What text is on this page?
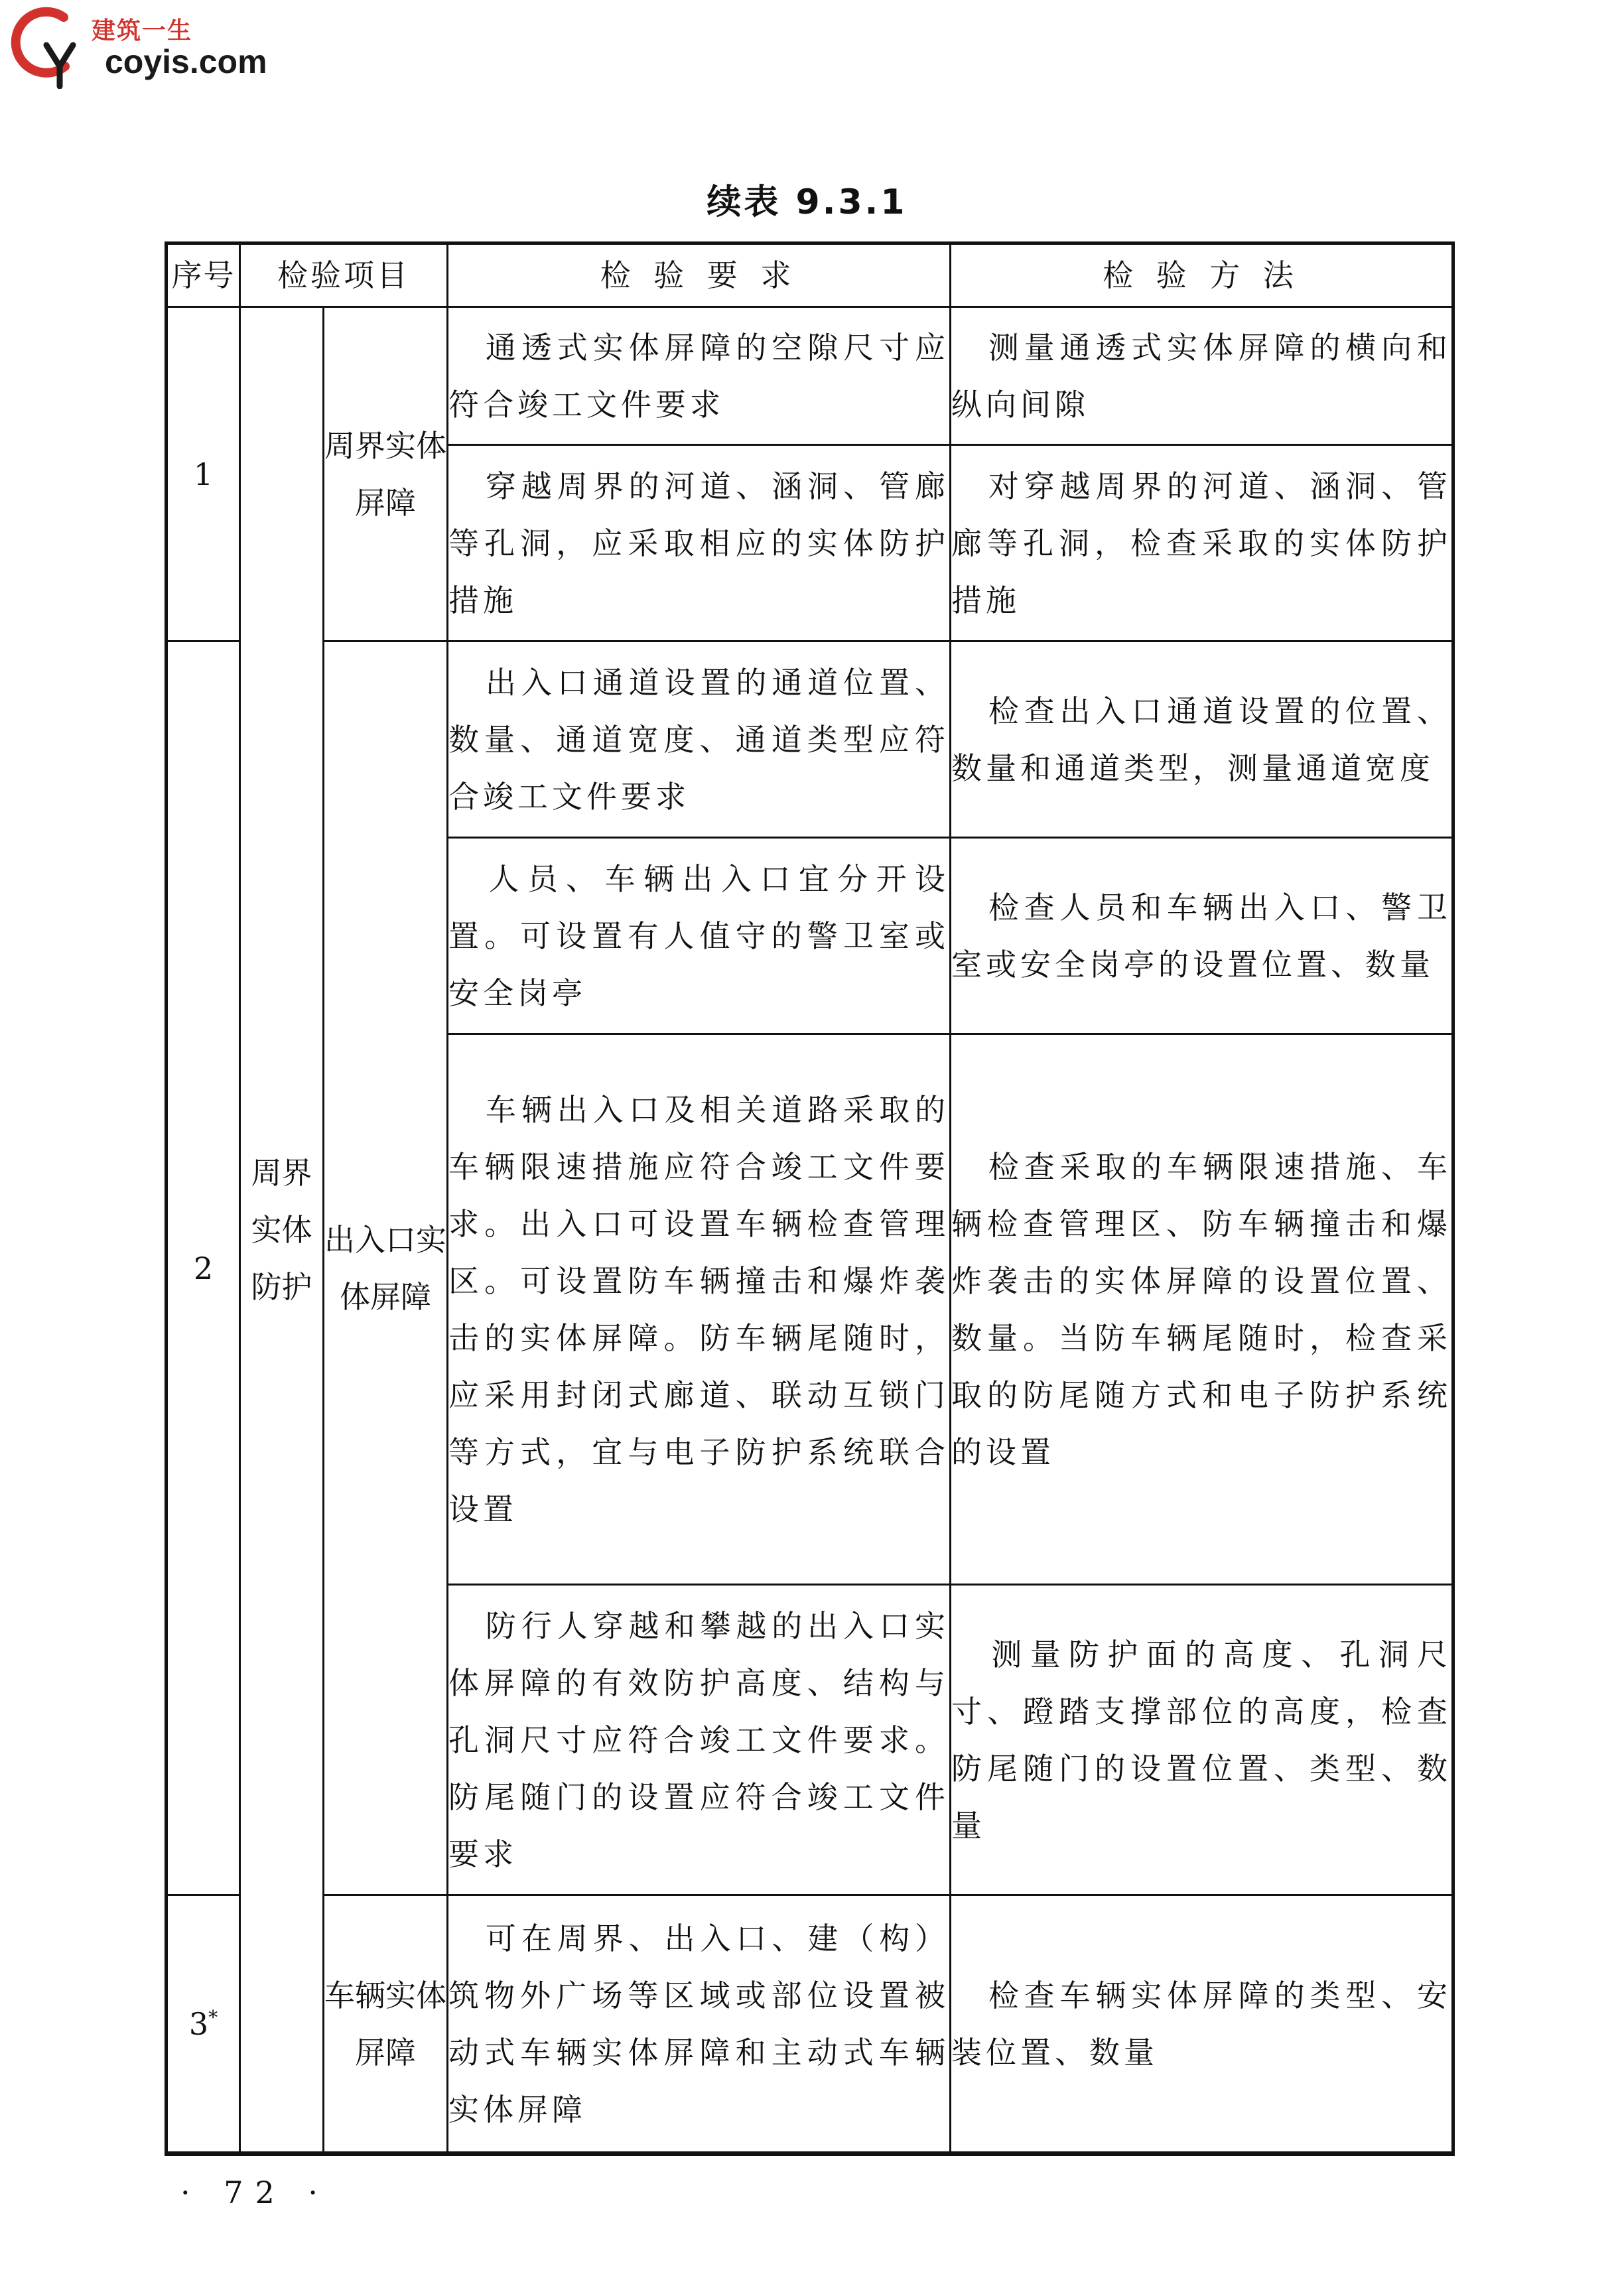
建筑一生
coyis.com
续表 9.3.1
序号	检验项目		检 验 要 求	检 验 方 法
1	周界实体防护	周界实体屏障	通透式实体屏障的空隙尺寸应符合竣工文件要求	测量通透式实体屏障的横向和纵向间隙
			穿越周界的河道、涵洞、管廊等孔洞，应采取相应的实体防护措施	对穿越周界的河道、涵洞、管廊等孔洞，检查采取的实体防护措施
2		出入口实体屏障	出入口通道设置的通道位置、数量、通道宽度、通道类型应符合竣工文件要求	检查出入口通道设置的位置、数量和通道类型，测量通道宽度
			人员、车辆出入口宜分开设置。可设置有人值守的警卫室或安全岗亭	检查人员和车辆出入口、警卫室或安全岗亭的设置位置、数量
			车辆出入口及相关道路采取的车辆限速措施应符合竣工文件要求。出入口可设置车辆检查管理区。可设置防车辆撞击和爆炸袭击的实体屏障。防车辆尾随时，应采用封闭式廊道、联动互锁门等方式，宜与电子防护系统联合设置	检查采取的车辆限速措施、车辆检查管理区、防车辆撞击和爆炸袭击的实体屏障的设置位置、数量。当防车辆尾随时，检查采取的防尾随方式和电子防护系统的设置
			防行人穿越和攀越的出入口实体屏障的有效防护高度、结构与孔洞尺寸应符合竣工文件要求。防尾随门的设置应符合竣工文件要求	测量防护面的高度、孔洞尺寸、蹬踏支撑部位的高度，检查防尾随门的设置位置、类型、数量
3*		车辆实体屏障	可在周界、出入口、建（构）筑物外广场等区域或部位设置被动式车辆实体屏障和主动式车辆实体屏障	检查车辆实体屏障的类型、安装位置、数量
· 72 ·
